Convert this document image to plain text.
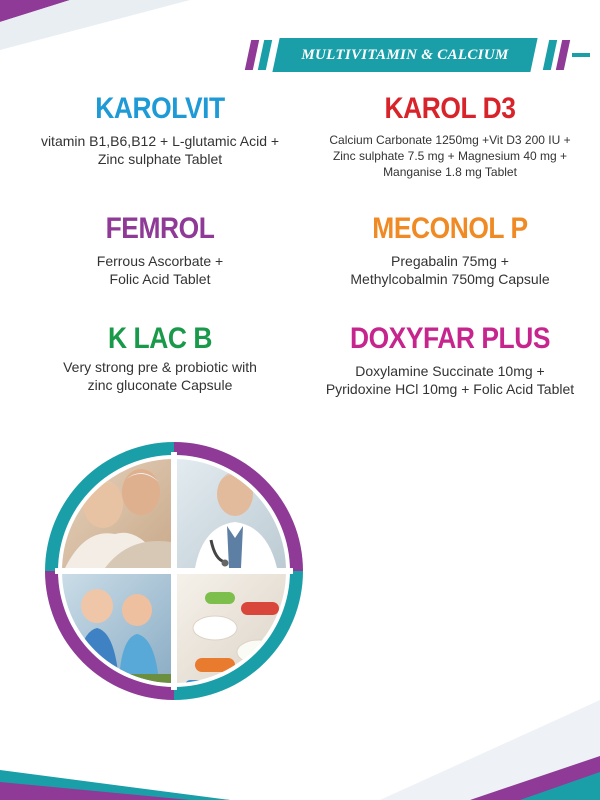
MULTIVITAMIN & CALCIUM
KAROLVIT
vitamin B1,B6,B12 + L-glutamic Acid +
Zinc sulphate Tablet
KAROL D3
Calcium Carbonate 1250mg +Vit D3 200 IU +
Zinc sulphate 7.5 mg + Magnesium 40 mg +
Manganise 1.8 mg Tablet
FEMROL
Ferrous Ascorbate +
Folic Acid Tablet
MECONOL P
Pregabalin 75mg +
Methylcobalmin 750mg Capsule
K LAC B
Very strong pre & probiotic with
zinc gluconate Capsule
DOXYFAR PLUS
Doxylamine Succinate 10mg +
Pyridoxine HCl 10mg + Folic Acid Tablet
